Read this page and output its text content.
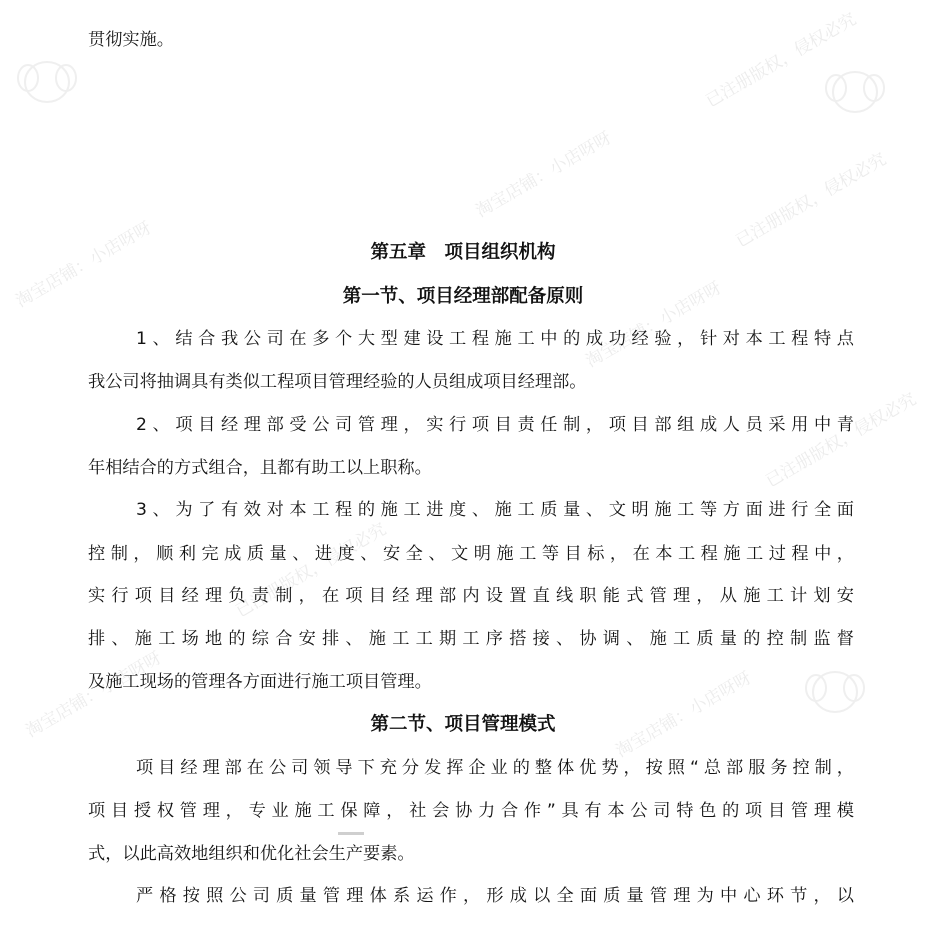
淘宝店铺：小店呀呀
淘宝店铺：小店呀呀
淘宝店铺：小店呀呀
淘宝店铺：小店呀呀	淘宝店铺：小店呀呀
已注册版权，侵权必究
已注册版权，侵权必究
已注册版权，侵权必究
已注册版权，侵权必究
贯彻实施。
第五章　项目组织机构
第一节、项目经理部配备原则
1、结合我公司在多个大型建设工程施工中的成功经验，针对本工程特点
我公司将抽调具有类似工程项目管理经验的人员组成项目经理部。
2、项目经理部受公司管理，实行项目责任制，项目部组成人员采用中青
年相结合的方式组合，且都有助工以上职称。
3、为了有效对本工程的施工进度、施工质量、文明施工等方面进行全面
控制，顺利完成质量、进度、安全、文明施工等目标，在本工程施工过程中，
实行项目经理负责制，在项目经理部内设置直线职能式管理，从施工计划安
排、施工场地的综合安排、施工工期工序搭接、协调、施工质量的控制监督
及施工现场的管理各方面进行施工项目管理。
第二节、项目管理模式
项目经理部在公司领导下充分发挥企业的整体优势，按照“总部服务控制，
项目授权管理，专业施工保障，社会协力合作”具有本公司特色的项目管理模
式，以此高效地组织和优化社会生产要素。
严格按照公司质量管理体系运作，形成以全面质量管理为中心环节，以
